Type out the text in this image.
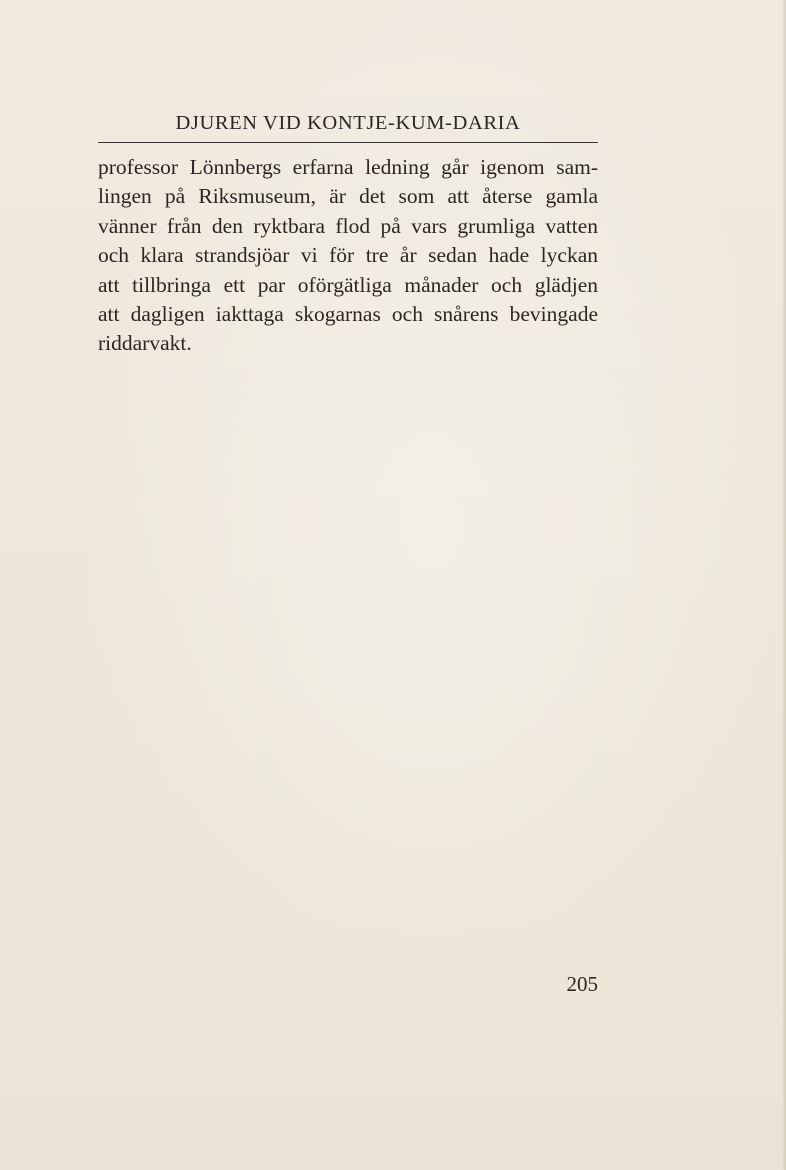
DJUREN VID KONTJE-KUM-DARIA
professor Lönnbergs erfarna ledning går igenom sam-
lingen på Riksmuseum, är det som att återse gamla
vänner från den ryktbara flod på vars grumliga vatten
och klara strandsjöar vi för tre år sedan hade lyckan
att tillbringa ett par oförgätliga månader och glädjen
att dagligen iakttaga skogarnas och snårens bevingade
riddarvakt.
205
